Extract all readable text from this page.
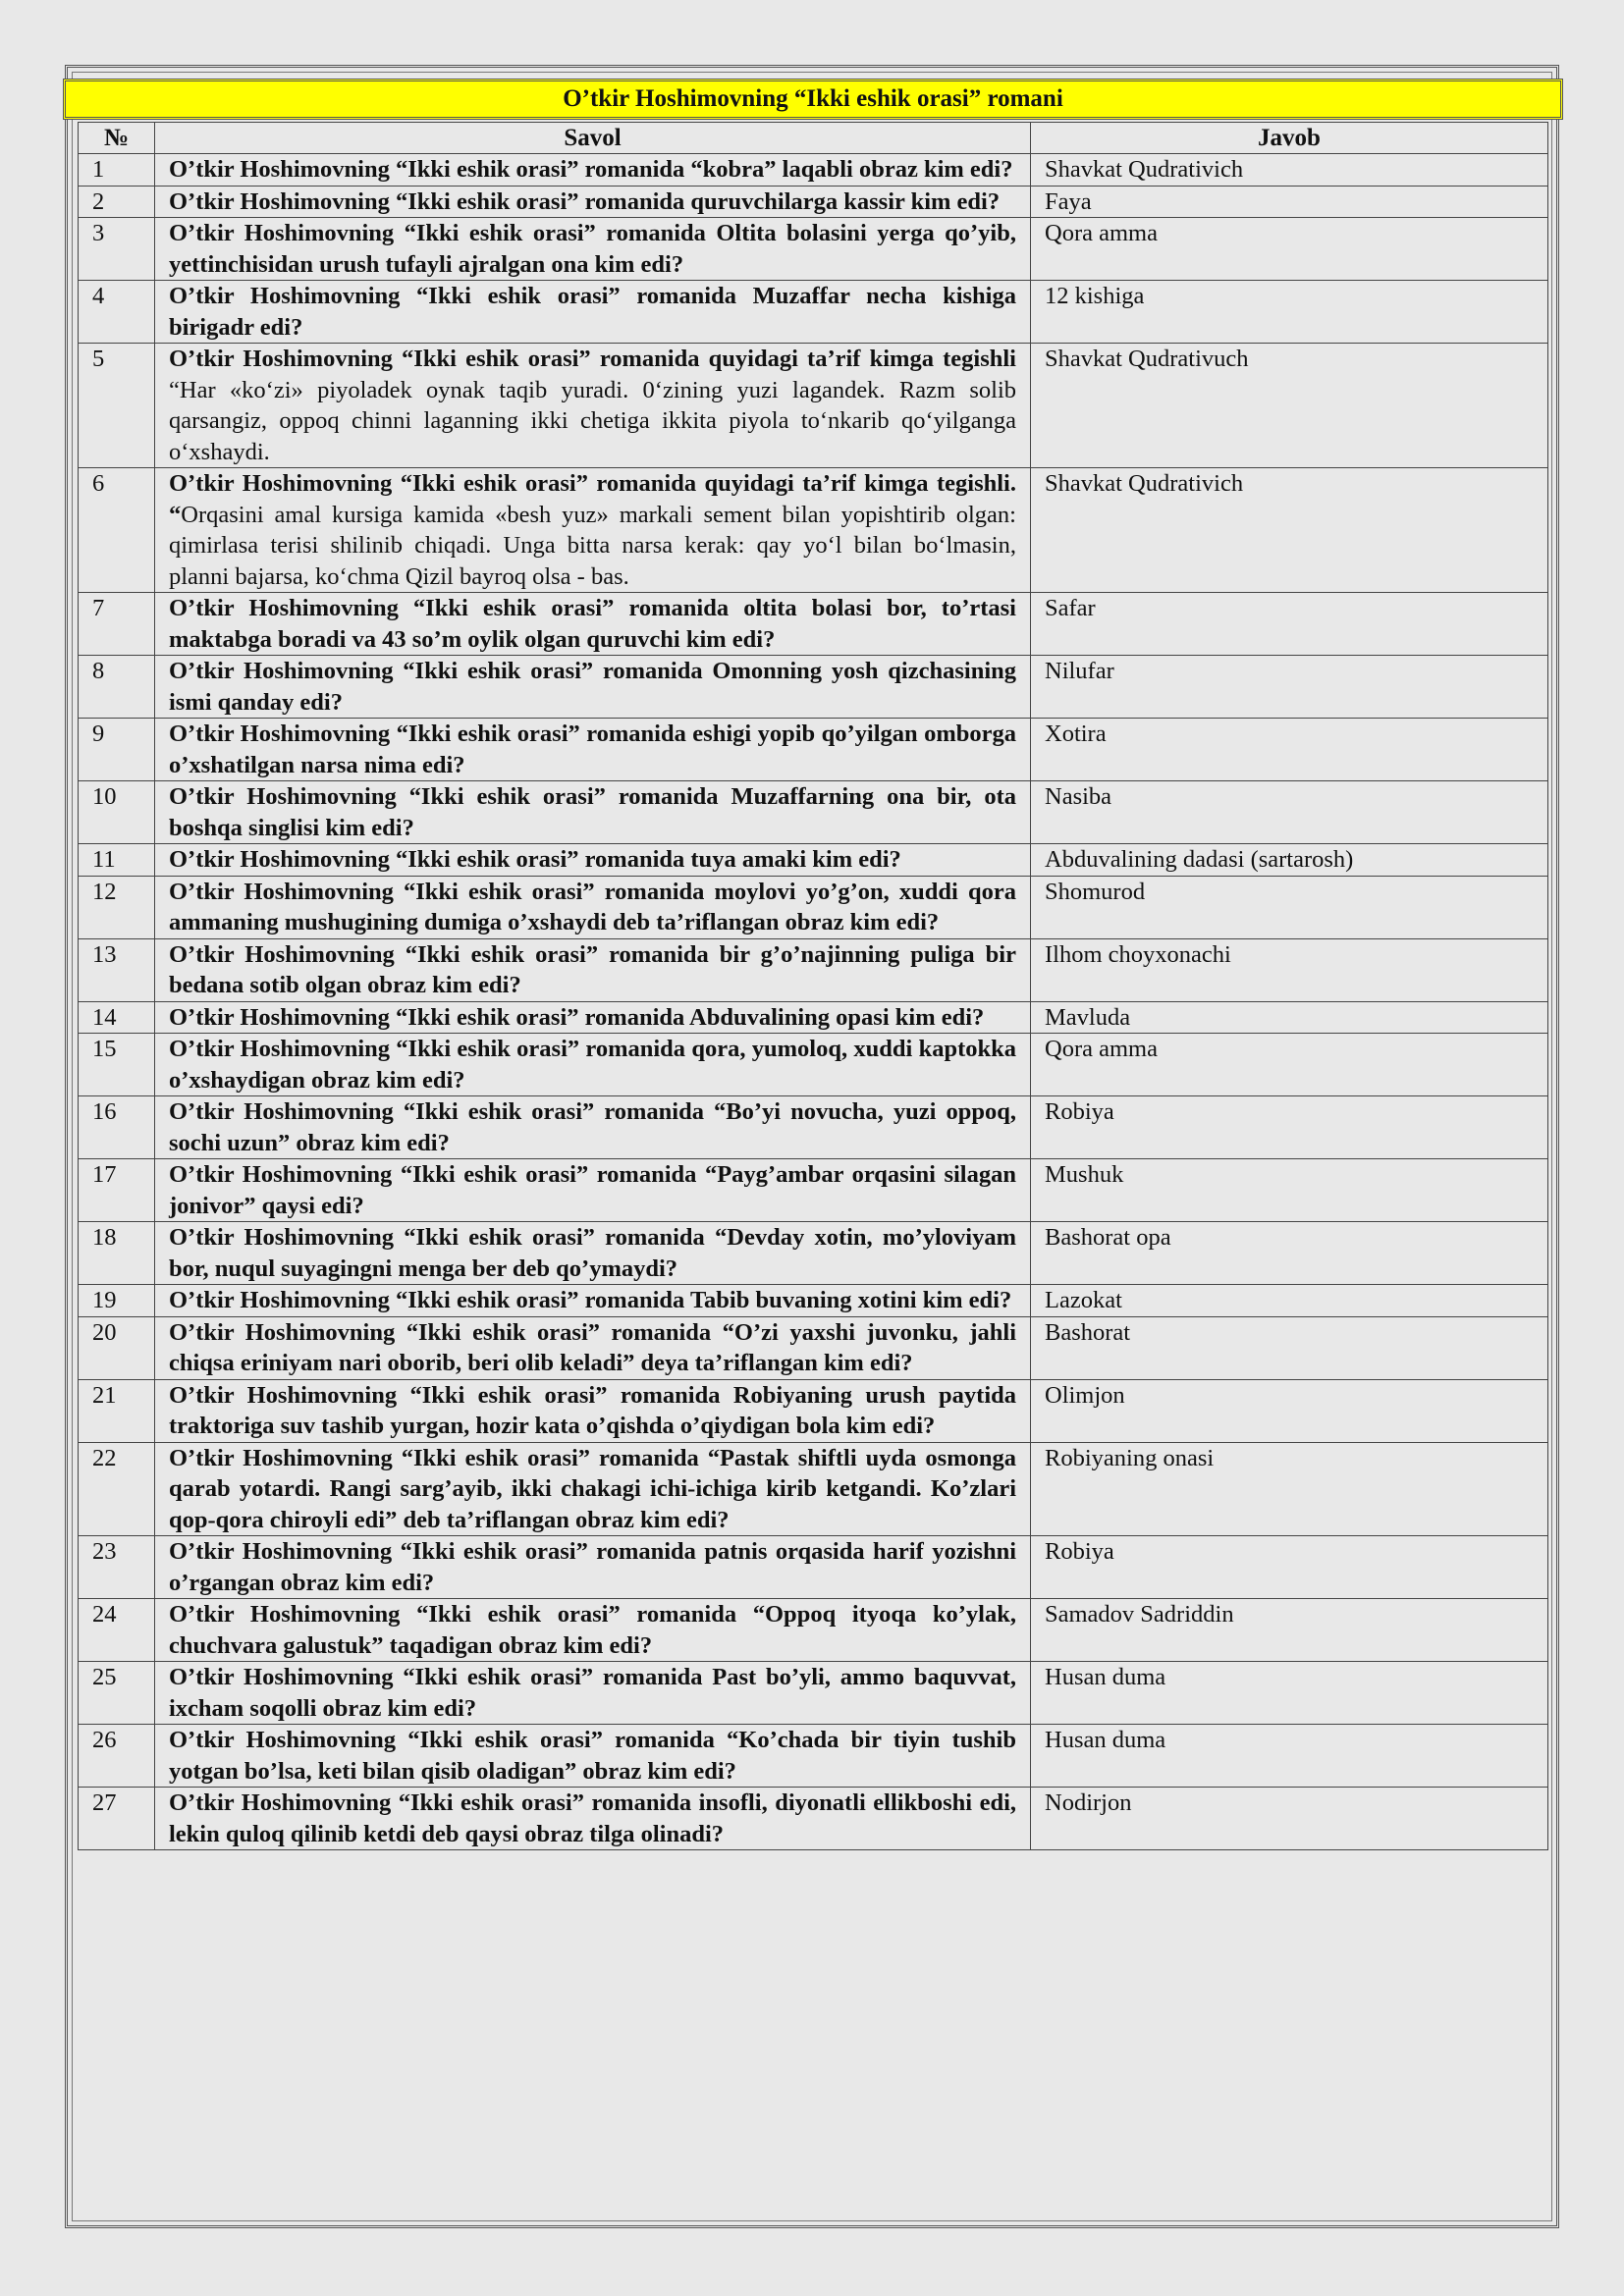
O’tkir Hoshimovning “Ikki eshik orasi” romani
№	Savol	Javob
1	O’tkir Hoshimovning “Ikki eshik orasi” romanida “kobra” laqabli obraz kim edi?	Shavkat Qudrativich
2	O’tkir Hoshimovning “Ikki eshik orasi” romanida quruvchilarga kassir kim edi?	Faya
3	O’tkir Hoshimovning “Ikki eshik orasi” romanida Oltita bolasini yerga qo’yib, yettinchisidan urush tufayli ajralgan ona kim edi?	Qora amma
4	O’tkir Hoshimovning “Ikki eshik orasi” romanida Muzaffar necha kishiga birigadr edi?	12 kishiga
5	O’tkir Hoshimovning “Ikki eshik orasi” romanida quyidagi ta’rif kimga tegishli “Har «ko‘zi» piyoladek oynak taqib yuradi. 0‘zining yuzi lagandek. Razm solib qarsangiz, oppoq chinni laganning ikki chetiga ikkita piyola to‘nkarib qo‘yilganga o‘xshaydi.	Shavkat Qudrativuch
6	O’tkir Hoshimovning “Ikki eshik orasi” romanida quyidagi ta’rif kimga tegishli. “Orqasini amal kursiga kamida «besh yuz» markali sement bilan yopishtirib olgan: qimirlasa terisi shilinib chiqadi. Unga bitta narsa kerak: qay yo‘l bilan bo‘lmasin, planni bajarsa, ko‘chma Qizil bayroq olsa - bas.	Shavkat Qudrativich
7	O’tkir Hoshimovning “Ikki eshik orasi” romanida oltita bolasi bor, to’rtasi maktabga boradi va 43 so’m oylik olgan quruvchi kim edi?	Safar
8	O’tkir Hoshimovning “Ikki eshik orasi” romanida Omonning yosh qizchasining ismi qanday edi?	Nilufar
9	O’tkir Hoshimovning “Ikki eshik orasi” romanida eshigi yopib qo’yilgan omborga o’xshatilgan narsa nima edi?	Xotira
10	O’tkir Hoshimovning “Ikki eshik orasi” romanida Muzaffarning ona bir, ota boshqa singlisi kim edi?	Nasiba
11	O’tkir Hoshimovning “Ikki eshik orasi” romanida tuya amaki kim edi?	Abduvalining dadasi (sartarosh)
12	O’tkir Hoshimovning “Ikki eshik orasi” romanida moylovi yo’g’on, xuddi qora ammaning mushugining dumiga o’xshaydi deb ta’riflangan obraz kim edi?	Shomurod
13	O’tkir Hoshimovning “Ikki eshik orasi” romanida bir g’o’najinning puliga bir bedana sotib olgan obraz kim edi?	Ilhom choyxonachi
14	O’tkir Hoshimovning “Ikki eshik orasi” romanida Abduvalining opasi kim edi?	Mavluda
15	O’tkir Hoshimovning “Ikki eshik orasi” romanida qora, yumoloq, xuddi kaptokka o’xshaydigan obraz kim edi?	Qora amma
16	O’tkir Hoshimovning “Ikki eshik orasi” romanida “Bo’yi novucha, yuzi oppoq, sochi uzun” obraz kim edi?	Robiya
17	O’tkir Hoshimovning “Ikki eshik orasi” romanida “Payg’ambar orqasini silagan jonivor” qaysi edi?	Mushuk
18	O’tkir Hoshimovning “Ikki eshik orasi” romanida “Devday xotin, mo’yloviyam bor, nuqul suyagingni menga ber deb qo’ymaydi?	Bashorat opa
19	O’tkir Hoshimovning “Ikki eshik orasi” romanida Tabib buvaning xotini kim edi?	Lazokat
20	O’tkir Hoshimovning “Ikki eshik orasi” romanida “O’zi yaxshi juvonku, jahli chiqsa eriniyam nari oborib, beri olib keladi” deya ta’riflangan kim edi?	Bashorat
21	O’tkir Hoshimovning “Ikki eshik orasi” romanida Robiyaning urush paytida traktoriga suv tashib yurgan, hozir kata o’qishda o’qiydigan bola kim edi?	Olimjon
22	O’tkir Hoshimovning “Ikki eshik orasi” romanida “Pastak shiftli uyda osmonga qarab yotardi. Rangi sarg’ayib, ikki chakagi ichi-ichiga kirib ketgandi. Ko’zlari qop-qora chiroyli edi” deb ta’riflangan obraz kim edi?	Robiyaning onasi
23	O’tkir Hoshimovning “Ikki eshik orasi” romanida patnis orqasida harif yozishni o’rgangan obraz kim edi?	Robiya
24	O’tkir Hoshimovning “Ikki eshik orasi” romanida “Oppoq ityoqa ko’ylak, chuchvara galustuk” taqadigan obraz kim edi?	Samadov Sadriddin
25	O’tkir Hoshimovning “Ikki eshik orasi” romanida Past bo’yli, ammo baquvvat, ixcham soqolli obraz kim edi?	Husan duma
26	O’tkir Hoshimovning “Ikki eshik orasi” romanida “Ko’chada bir tiyin tushib yotgan bo’lsa, keti bilan qisib oladigan” obraz kim edi?	Husan duma
27	O’tkir Hoshimovning “Ikki eshik orasi” romanida insofli, diyonatli ellikboshi edi, lekin quloq qilinib ketdi deb qaysi obraz tilga olinadi?	Nodirjon
